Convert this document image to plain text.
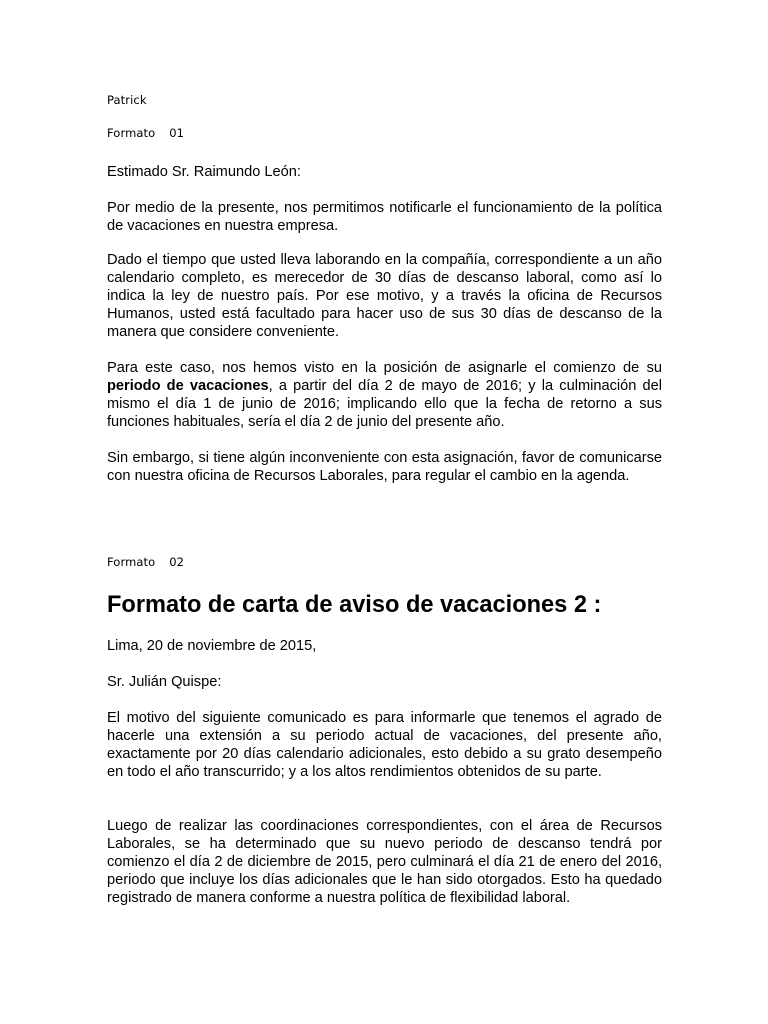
Patrick
Formato 01

Estimado Sr. Raimundo León:

Por medio de la presente, nos permitimos notificarle el funcionamiento de la política de vacaciones en nuestra empresa.

Dado el tiempo que usted lleva laborando en la compañía, correspondiente a un año calendario completo, es merecedor de 30 días de descanso laboral, como así lo indica la ley de nuestro país. Por ese motivo, y a través la oficina de Recursos Humanos, usted está facultado para hacer uso de sus 30 días de descanso de la manera que considere conveniente.

Para este caso, nos hemos visto en la posición de asignarle el comienzo de su periodo de vacaciones, a partir del día 2 de mayo de 2016; y la culminación del mismo el día 1 de junio de 2016; implicando ello que la fecha de retorno a sus funciones habituales, sería el día 2 de junio del presente año.

Sin embargo, si tiene algún inconveniente con esta asignación, favor de comunicarse con nuestra oficina de Recursos Laborales, para regular el cambio en la agenda.

Formato 02
Formato de carta de aviso de vacaciones 2 :

Lima, 20 de noviembre de 2015,

Sr. Julián Quispe:

El motivo del siguiente comunicado es para informarle que tenemos el agrado de hacerle una extensión a su periodo actual de vacaciones, del presente año, exactamente por 20 días calendario adicionales, esto debido a su grato desempeño en todo el año transcurrido; y a los altos rendimientos obtenidos de su parte.

Luego de realizar las coordinaciones correspondientes, con el área de Recursos Laborales, se ha determinado que su nuevo periodo de descanso tendrá por comienzo el día 2 de diciembre de 2015, pero culminará el día 21 de enero del 2016, periodo que incluye los días adicionales que le han sido otorgados. Esto ha quedado registrado de manera conforme a nuestra política de flexibilidad laboral.
